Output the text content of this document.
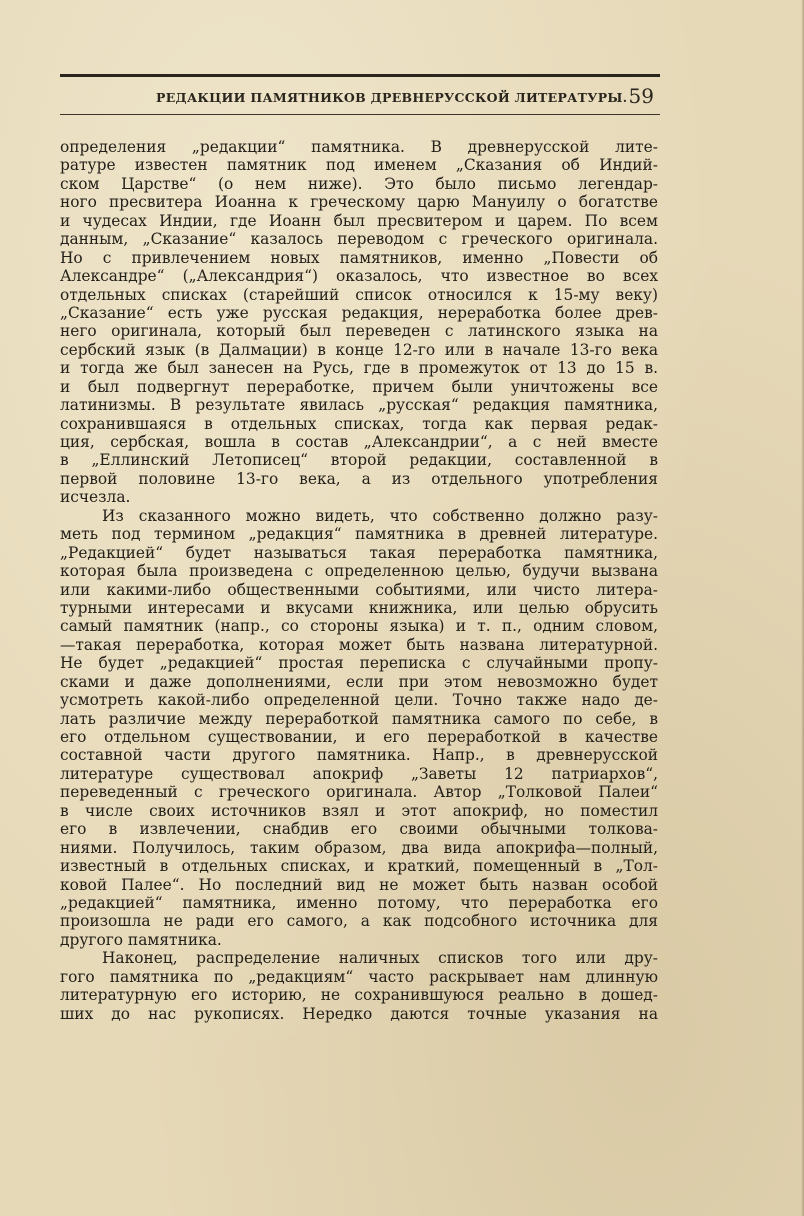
РЕДАКЦИИ ПАМЯТНИКОВ ДРЕВНЕРУССКОЙ ЛИТЕРАТУРЫ. 59
определения „редакции“ памятника. В древнерусской лите-
ратуре известен памятник под именем „Сказания об Индий-
ском Царстве“ (о нем ниже). Это было письмо легендар-
ного пресвитера Иоанна к греческому царю Мануилу о богатстве
и чудесах Индии, где Иоанн был пресвитером и царем. По всем
данным, „Сказание“ казалось переводом с греческого оригинала.
Но с привлечением новых памятников, именно „Повести об
Александре“ („Александрия“) оказалось, что известное во всех
отдельных списках (старейший список относился к 15-му веку)
„Сказание“ есть уже русская редакция, нереработка более древ-
него оригинала, который был переведен с латинского языка на
сербский язык (в Далмации) в конце 12-го или в начале 13-го века
и тогда же был занесен на Русь, где в промежуток от 13 до 15 в.
и был подвергнут переработке, причем были уничтожены все
латинизмы. В результате явилась „русская“ редакция памятника,
сохранившаяся в отдельных списках, тогда как первая редак-
ция, сербская, вошла в состав „Александрии“, а с ней вместе
в „Еллинский Летописец“ второй редакции, составленной в
первой половине 13-го века, а из отдельного употребления
исчезла.
Из сказанного можно видеть, что собственно должно разу-
меть под термином „редакция“ памятника в древней литературе.
„Редакцией“ будет называться такая переработка памятника,
которая была произведена с определенною целью, будучи вызвана
или какими-либо общественными событиями, или чисто литера-
турными интересами и вкусами книжника, или целью обрусить
самый памятник (напр., со стороны языка) и т. п., одним словом,
—такая переработка, которая может быть названа литературной.
Не будет „редакцией“ простая переписка с случайными пропу-
сками и даже дополнениями, если при этом невозможно будет
усмотреть какой-либо определенной цели. Точно также надо де-
лать различие между переработкой памятника самого по себе, в
его отдельном существовании, и его переработкой в качестве
составной части другого памятника. Напр., в древнерусской
литературе существовал апокриф „Заветы 12 патриархов“,
переведенный с греческого оригинала. Автор „Толковой Палеи“
в числе своих источников взял и этот апокриф, но поместил
его в извлечении, снабдив его своими обычными толкова-
ниями. Получилось, таким образом, два вида апокрифа—полный,
известный в отдельных списках, и краткий, помещенный в „Тол-
ковой Палее“. Но последний вид не может быть назван особой
„редакцией“ памятника, именно потому, что переработка его
произошла не ради его самого, а как подсобного источника для
другого памятника.
Наконец, распределение наличных списков того или дру-
гого памятника по „редакциям“ часто раскрывает нам длинную
литературную его историю, не сохранившуюся реально в дошед-
ших до нас рукописях. Нередко даются точные указания на
